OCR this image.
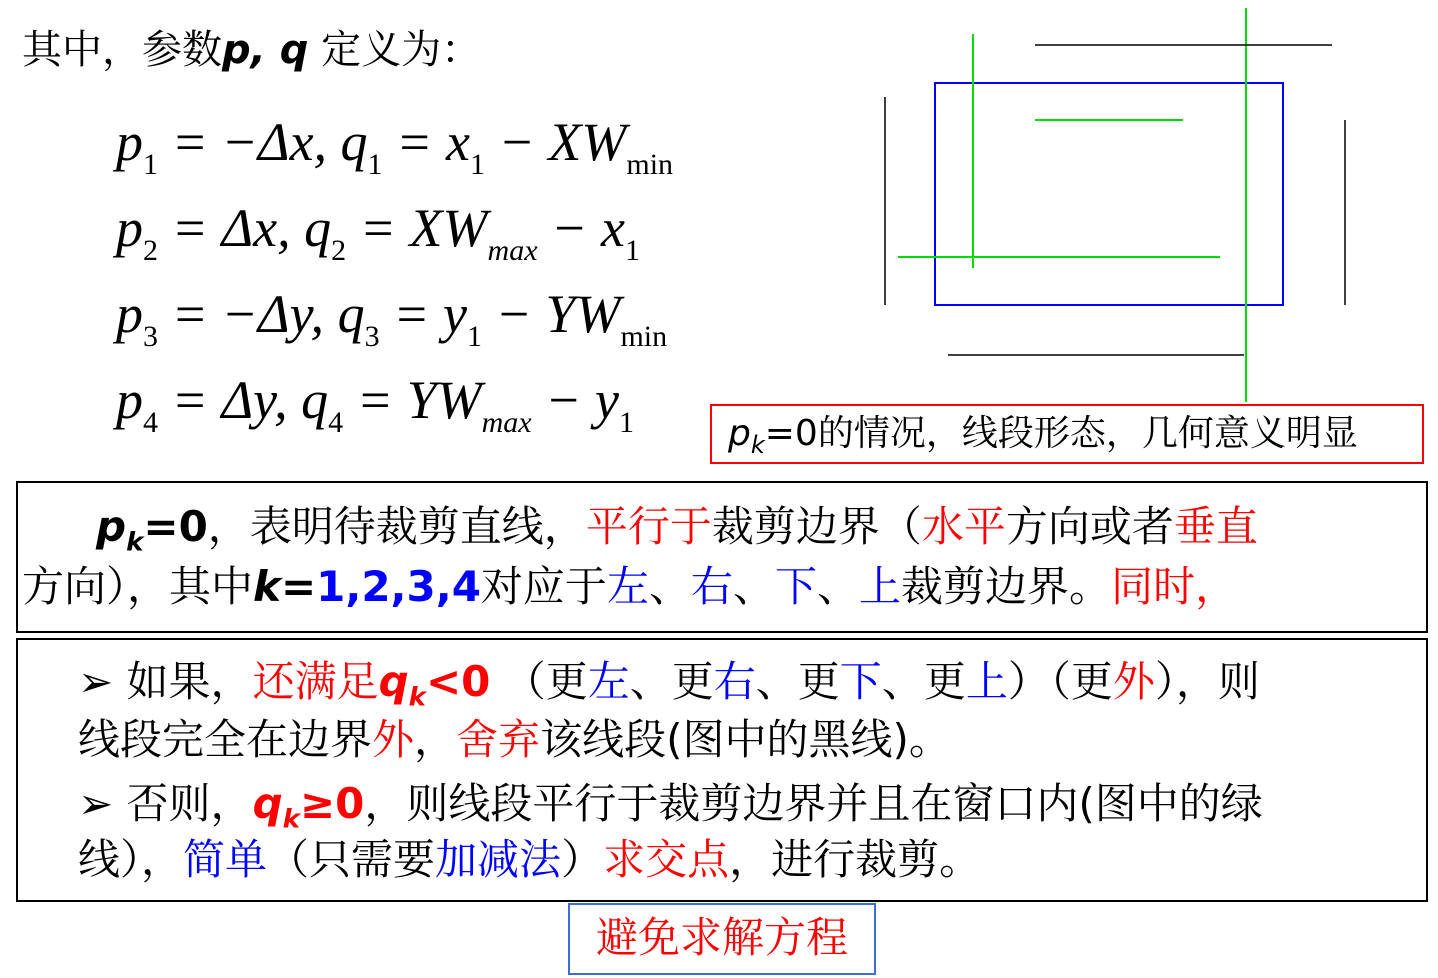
其中，参数p, q 定义为：
$p_1 = -\Delta x$, $q_1 = x_1 - XW_{min}$
$p_2 = \Delta x$, $q_2 = XW_{max} - x_1$
$p_3 = -\Delta y$, $q_3 = y_1 - YW_{min}$
$p_4 = \Delta y$, $q_4 = YW_{max} - y_1$	$p_k=0$的情况，线段形态，几何意义明显
$p_k=0$，表明待裁剪直线，平行于裁剪边界（水平方向或者垂直
方向），其中k=1,2,3,4对应于左、右、下、上裁剪边界。同时，
➢ 如果，还满足$q_k<0$ （更左、更右、更下、更上）（更外），则
线段完全在边界外，舍弃该线段(图中的黑线)。
➢ 否则，$q_k\ge 0$，则线段平行于裁剪边界并且在窗口内(图中的绿
线），简单（只需要加减法）求交点，进行裁剪。
避免求解方程
